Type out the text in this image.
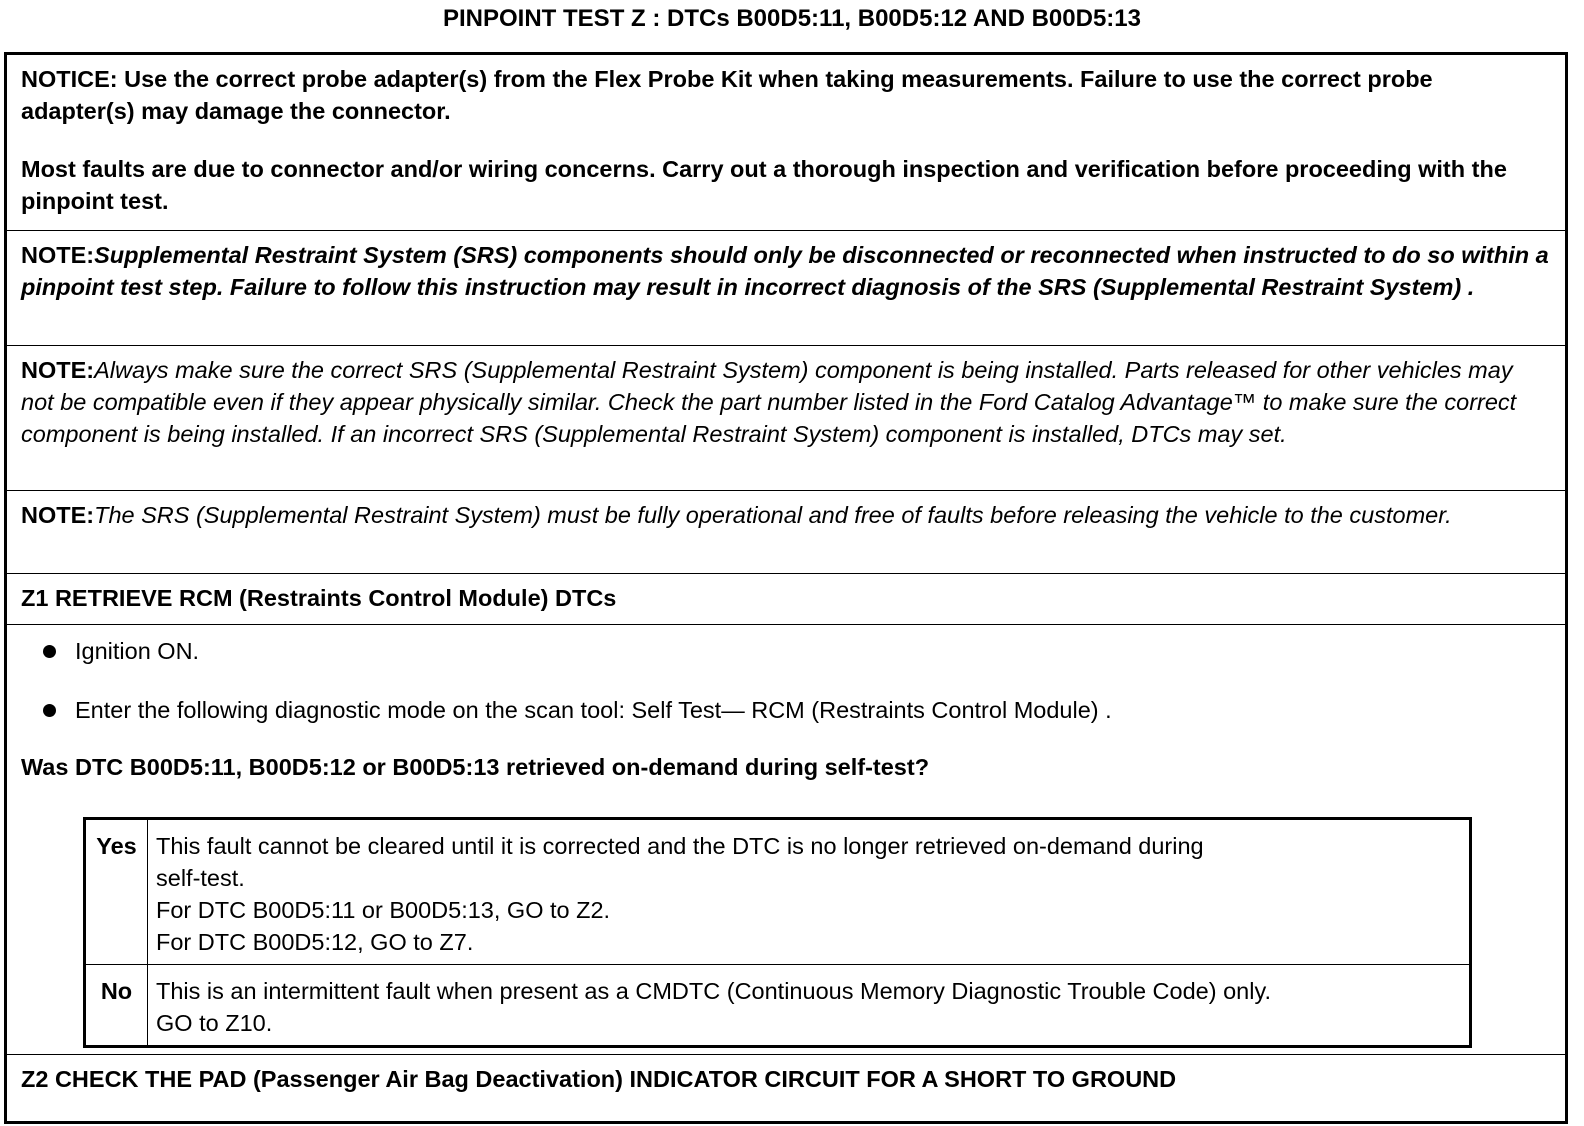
PINPOINT TEST Z : DTCs B00D5:11, B00D5:12 AND B00D5:13

NOTICE: Use the correct probe adapter(s) from the Flex Probe Kit when taking measurements. Failure to use the correct probe adapter(s) may damage the connector.

Most faults are due to connector and/or wiring concerns. Carry out a thorough inspection and verification before proceeding with the pinpoint test.

NOTE:Supplemental Restraint System (SRS) components should only be disconnected or reconnected when instructed to do so within a pinpoint test step. Failure to follow this instruction may result in incorrect diagnosis of the SRS (Supplemental Restraint System) .
NOTE:Always make sure the correct SRS (Supplemental Restraint System) component is being installed. Parts released for other vehicles may not be compatible even if they appear physically similar. Check the part number listed in the Ford Catalog Advantage™ to make sure the correct component is being installed. If an incorrect SRS (Supplemental Restraint System) component is installed, DTCs may set.
NOTE:The SRS (Supplemental Restraint System) must be fully operational and free of faults before releasing the vehicle to the customer.
Z1 RETRIEVE RCM (Restraints Control Module) DTCs
Ignition ON.
Enter the following diagnostic mode on the scan tool: Self Test— RCM (Restraints Control Module) .
Was DTC B00D5:11, B00D5:12 or B00D5:13 retrieved on-demand during self-test?
Yes This fault cannot be cleared until it is corrected and the DTC is no longer retrieved on-demand during
self-test.
For DTC B00D5:11 or B00D5:13, GO to Z2.
For DTC B00D5:12, GO to Z7.
No	This is an intermittent fault when present as a CMDTC (Continuous Memory Diagnostic Trouble Code) only.
GO to Z10.
Z2 CHECK THE PAD (Passenger Air Bag Deactivation) INDICATOR CIRCUIT FOR A SHORT TO GROUND
